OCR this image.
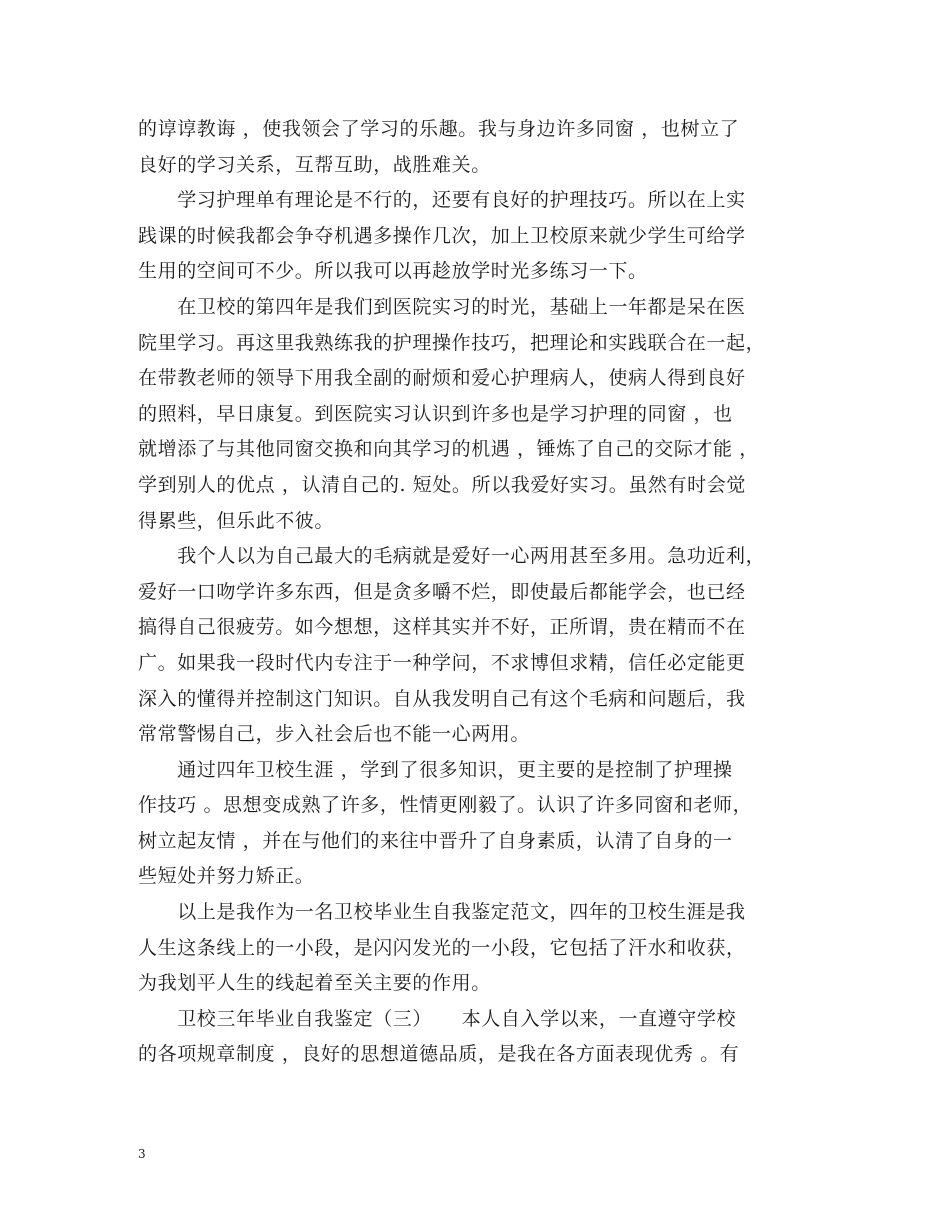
的谆谆教诲 ，使我领会了学习的乐趣。我与身边许多同窗 ，也树立了
良好的学习关系，互帮互助，战胜难关。
　　学习护理单有理论是不行的，还要有良好的护理技巧。所以在上实
践课的时候我都会争夺机遇多操作几次，加上卫校原来就少学生可给学
生用的空间可不少。所以我可以再趁放学时光多练习一下。
　　在卫校的第四年是我们到医院实习的时光，基础上一年都是呆在医
院里学习。再这里我熟练我的护理操作技巧，把理论和实践联合在一起，
在带教老师的领导下用我全副的耐烦和爱心护理病人，使病人得到良好
的照料，早日康复。到医院实习认识到许多也是学习护理的同窗 ，也
就增添了与其他同窗交换和向其学习的机遇 ，锤炼了自己的交际才能 ，
学到别人的优点 ，认清自己的. 短处。所以我爱好实习。虽然有时会觉
得累些，但乐此不彼。
　　我个人以为自己最大的毛病就是爱好一心两用甚至多用。急功近利，
爱好一口吻学许多东西，但是贪多嚼不烂，即使最后都能学会，也已经
搞得自己很疲劳。如今想想，这样其实并不好，正所谓，贵在精而不在
广。如果我一段时代内专注于一种学问，不求博但求精，信任必定能更
深入的懂得并控制这门知识。自从我发明自己有这个毛病和问题后，我
常常警惕自己，步入社会后也不能一心两用。
　　通过四年卫校生涯 ，学到了很多知识，更主要的是控制了护理操
作技巧 。思想变成熟了许多，性情更刚毅了。认识了许多同窗和老师，
树立起友情 ，并在与他们的来往中晋升了自身素质，认清了自身的一
些短处并努力矫正。
　　以上是我作为一名卫校毕业生自我鉴定范文，四年的卫校生涯是我
人生这条线上的一小段，是闪闪发光的一小段，它包括了汗水和收获，
为我划平人生的线起着至关主要的作用。
　　卫校三年毕业自我鉴定（三）　　本人自入学以来，一直遵守学校
的各项规章制度 ，良好的思想道德品质，是我在各方面表现优秀 。有
3
